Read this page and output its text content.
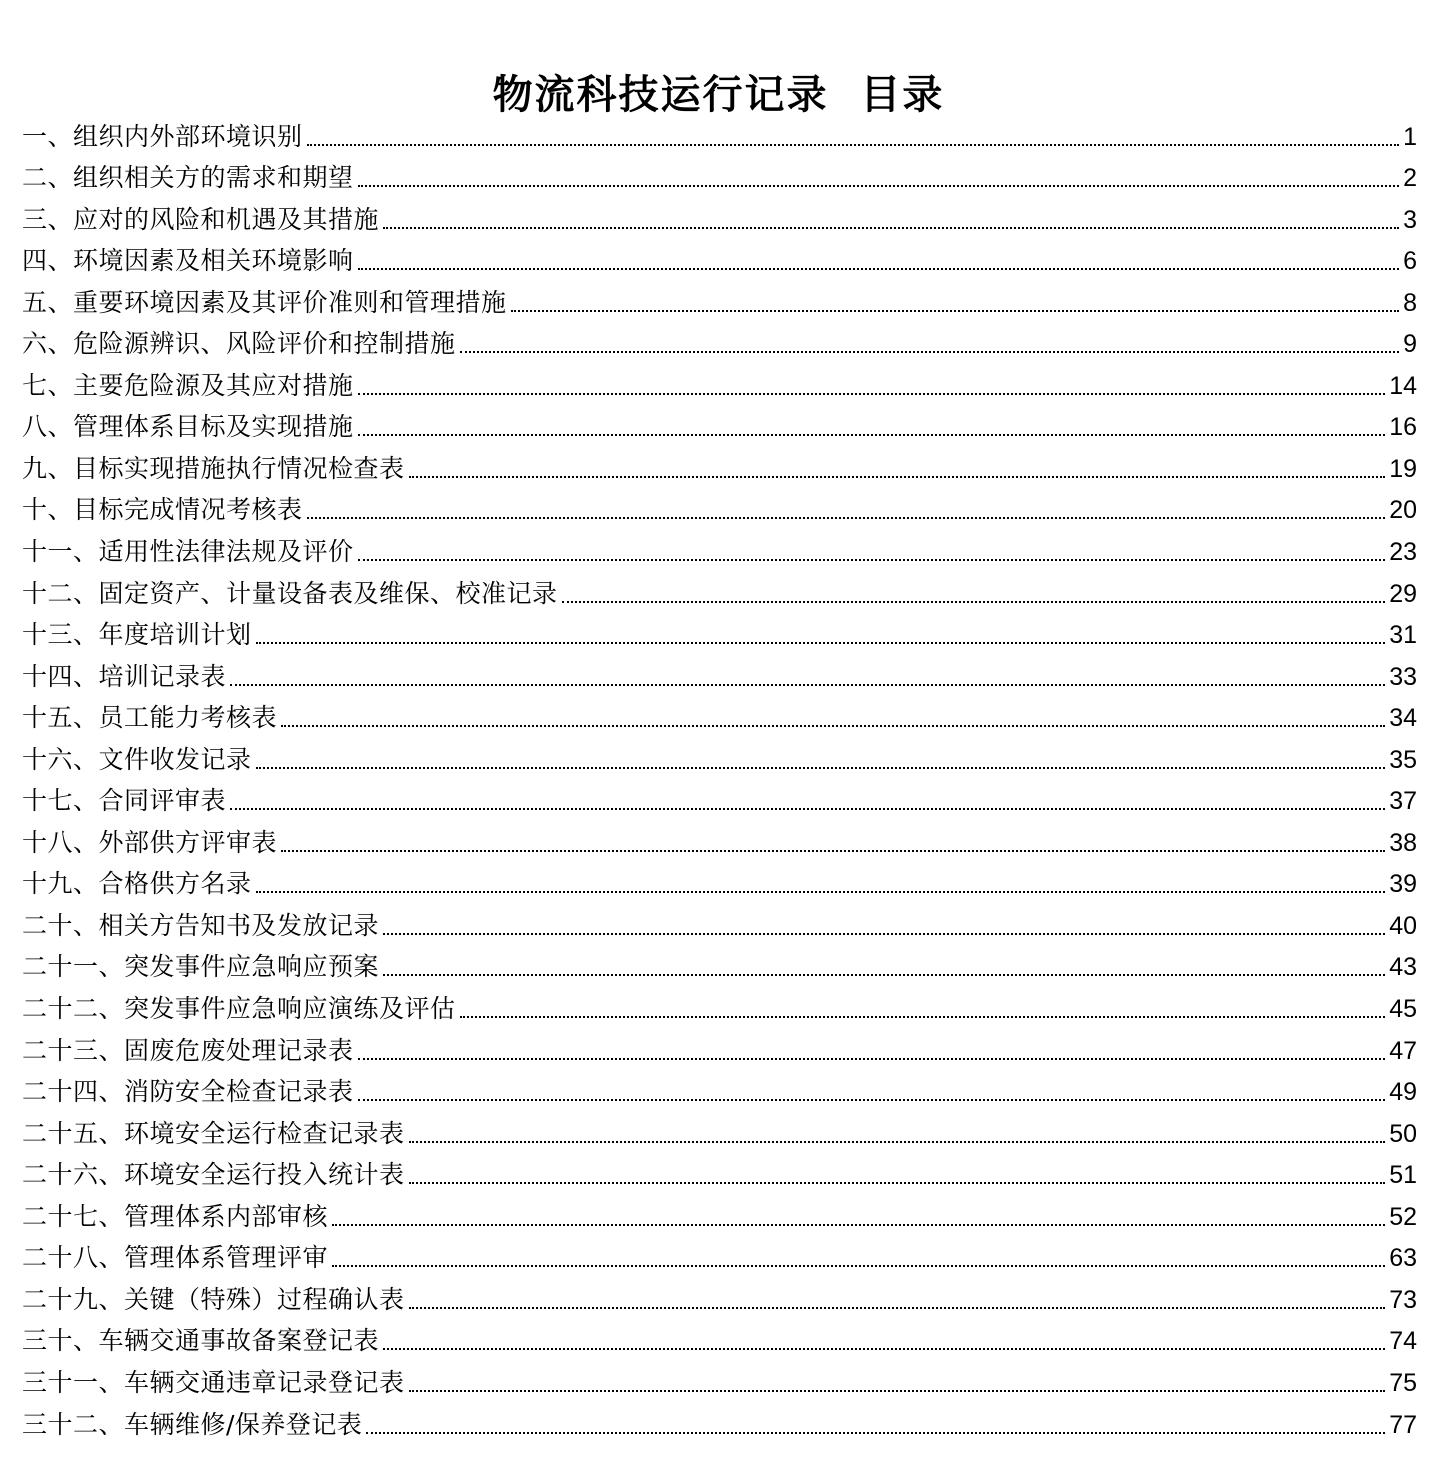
物流科技运行记录  目录
一、组织内外部环境识别	1
二、组织相关方的需求和期望	2
三、应对的风险和机遇及其措施	3
四、环境因素及相关环境影响	6
五、重要环境因素及其评价准则和管理措施	8
六、危险源辨识、风险评价和控制措施	9
七、主要危险源及其应对措施	14
八、管理体系目标及实现措施	16
九、目标实现措施执行情况检查表	19
十、目标完成情况考核表	20
十一、适用性法律法规及评价	23
十二、固定资产、计量设备表及维保、校准记录	29
十三、年度培训计划	31
十四、培训记录表	33
十五、员工能力考核表	34
十六、文件收发记录	35
十七、合同评审表	37
十八、外部供方评审表	38
十九、合格供方名录	39
二十、相关方告知书及发放记录	40
二十一、突发事件应急响应预案	43
二十二、突发事件应急响应演练及评估	45
二十三、固废危废处理记录表	47
二十四、消防安全检查记录表	49
二十五、环境安全运行检查记录表	50
二十六、环境安全运行投入统计表	51
二十七、管理体系内部审核	52
二十八、管理体系管理评审	63
二十九、关键（特殊）过程确认表	73
三十、车辆交通事故备案登记表	74
三十一、车辆交通违章记录登记表	75
三十二、车辆维修/保养登记表	77
